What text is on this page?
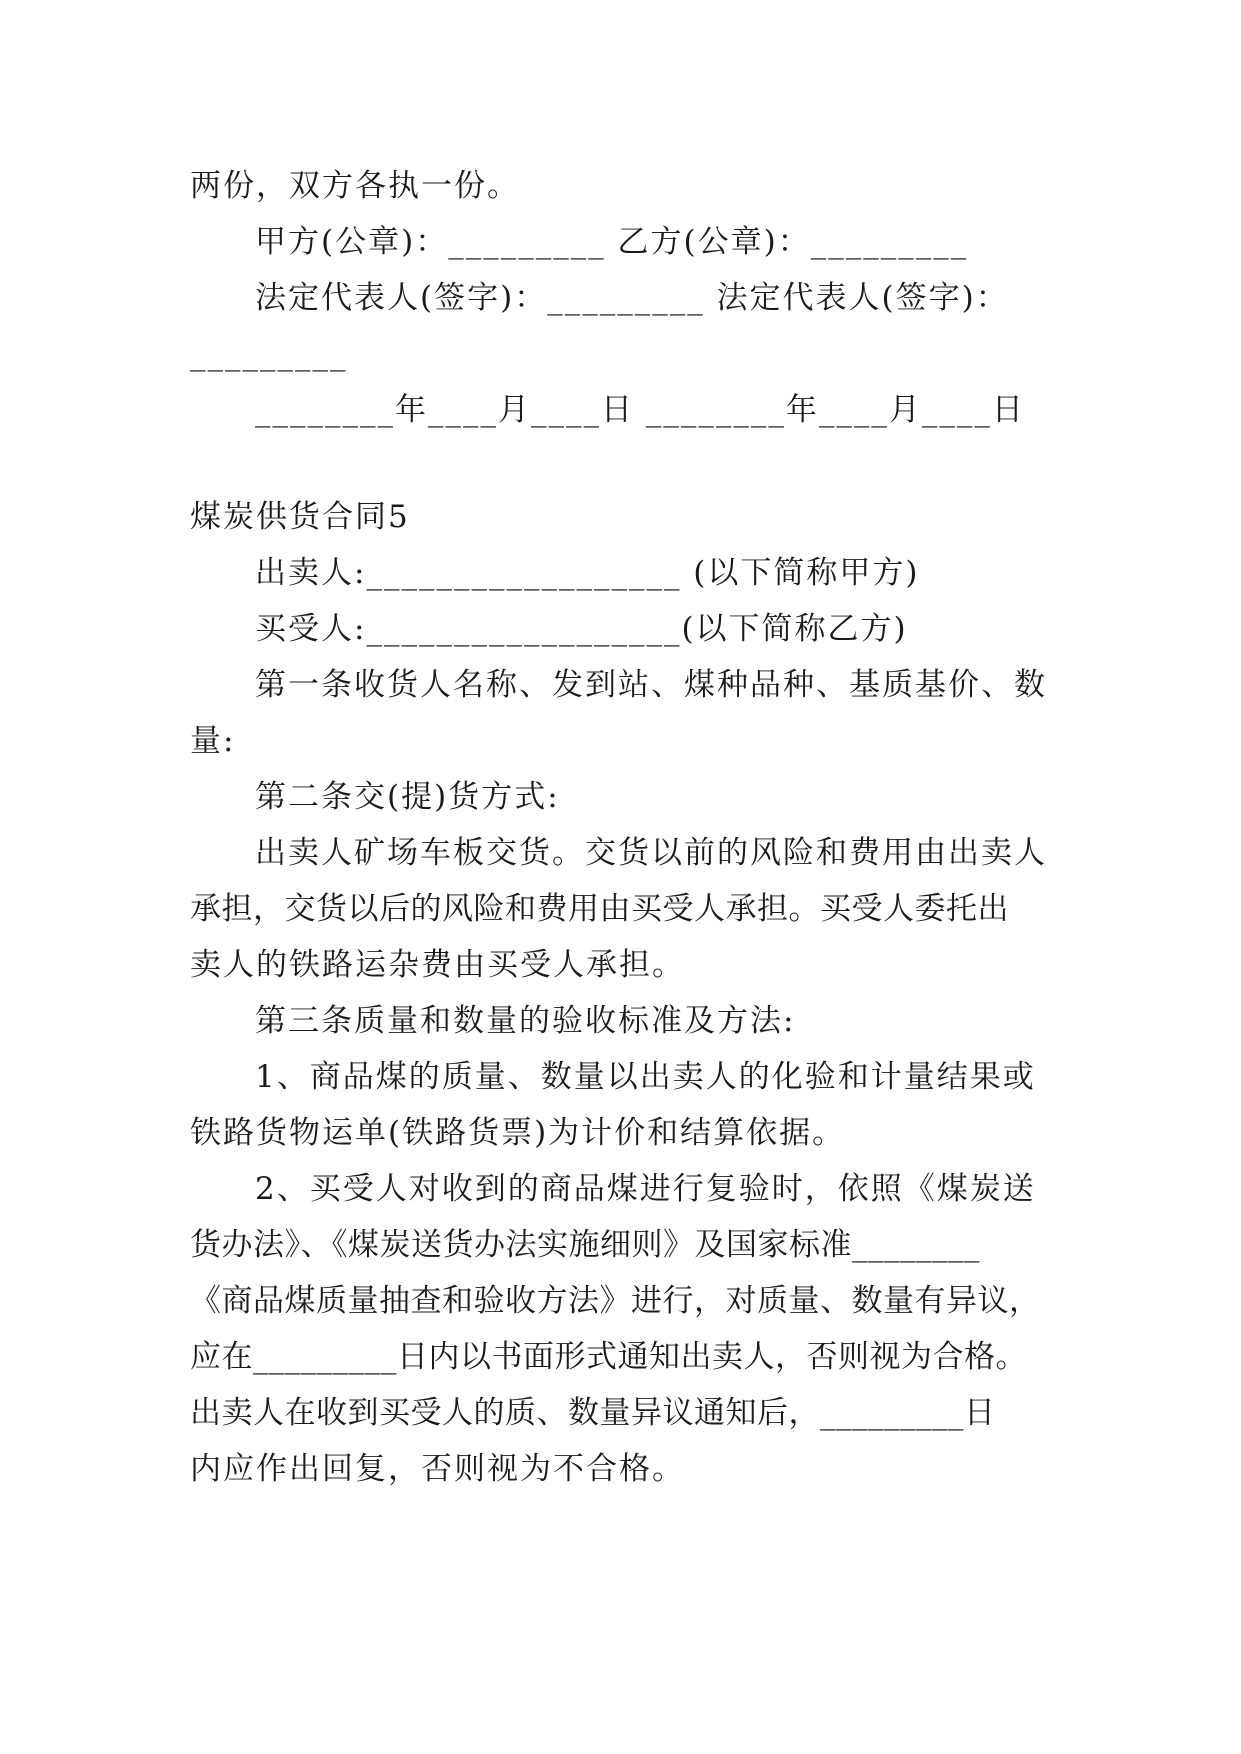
两份，双方各执一份。
甲方(公章)：_________ 乙方(公章)：_________
法定代表人(签字)：_________ 法定代表人(签字)：
_________
________年____月____日 ________年____月____日
煤炭供货合同5
出卖人:__________________ (以下简称甲方)
买受人:__________________(以下简称乙方)
第一条收货人名称、发到站、煤种品种、基质基价、数
量:
第二条交(提)货方式:
出卖人矿场车板交货。交货以前的风险和费用由出卖人
承担，交货以后的风险和费用由买受人承担。买受人委托出
卖人的铁路运杂费由买受人承担。
第三条质量和数量的验收标准及方法:
1、商品煤的质量、数量以出卖人的化验和计量结果或
铁路货物运单(铁路货票)为计价和结算依据。
2、买受人对收到的商品煤进行复验时，依照《煤炭送
货办法》、《煤炭送货办法实施细则》及国家标准________
《商品煤质量抽查和验收方法》进行，对质量、数量有异议，
应在_________日内以书面形式通知出卖人，否则视为合格。
出卖人在收到买受人的质、数量异议通知后，_________日
内应作出回复，否则视为不合格。
